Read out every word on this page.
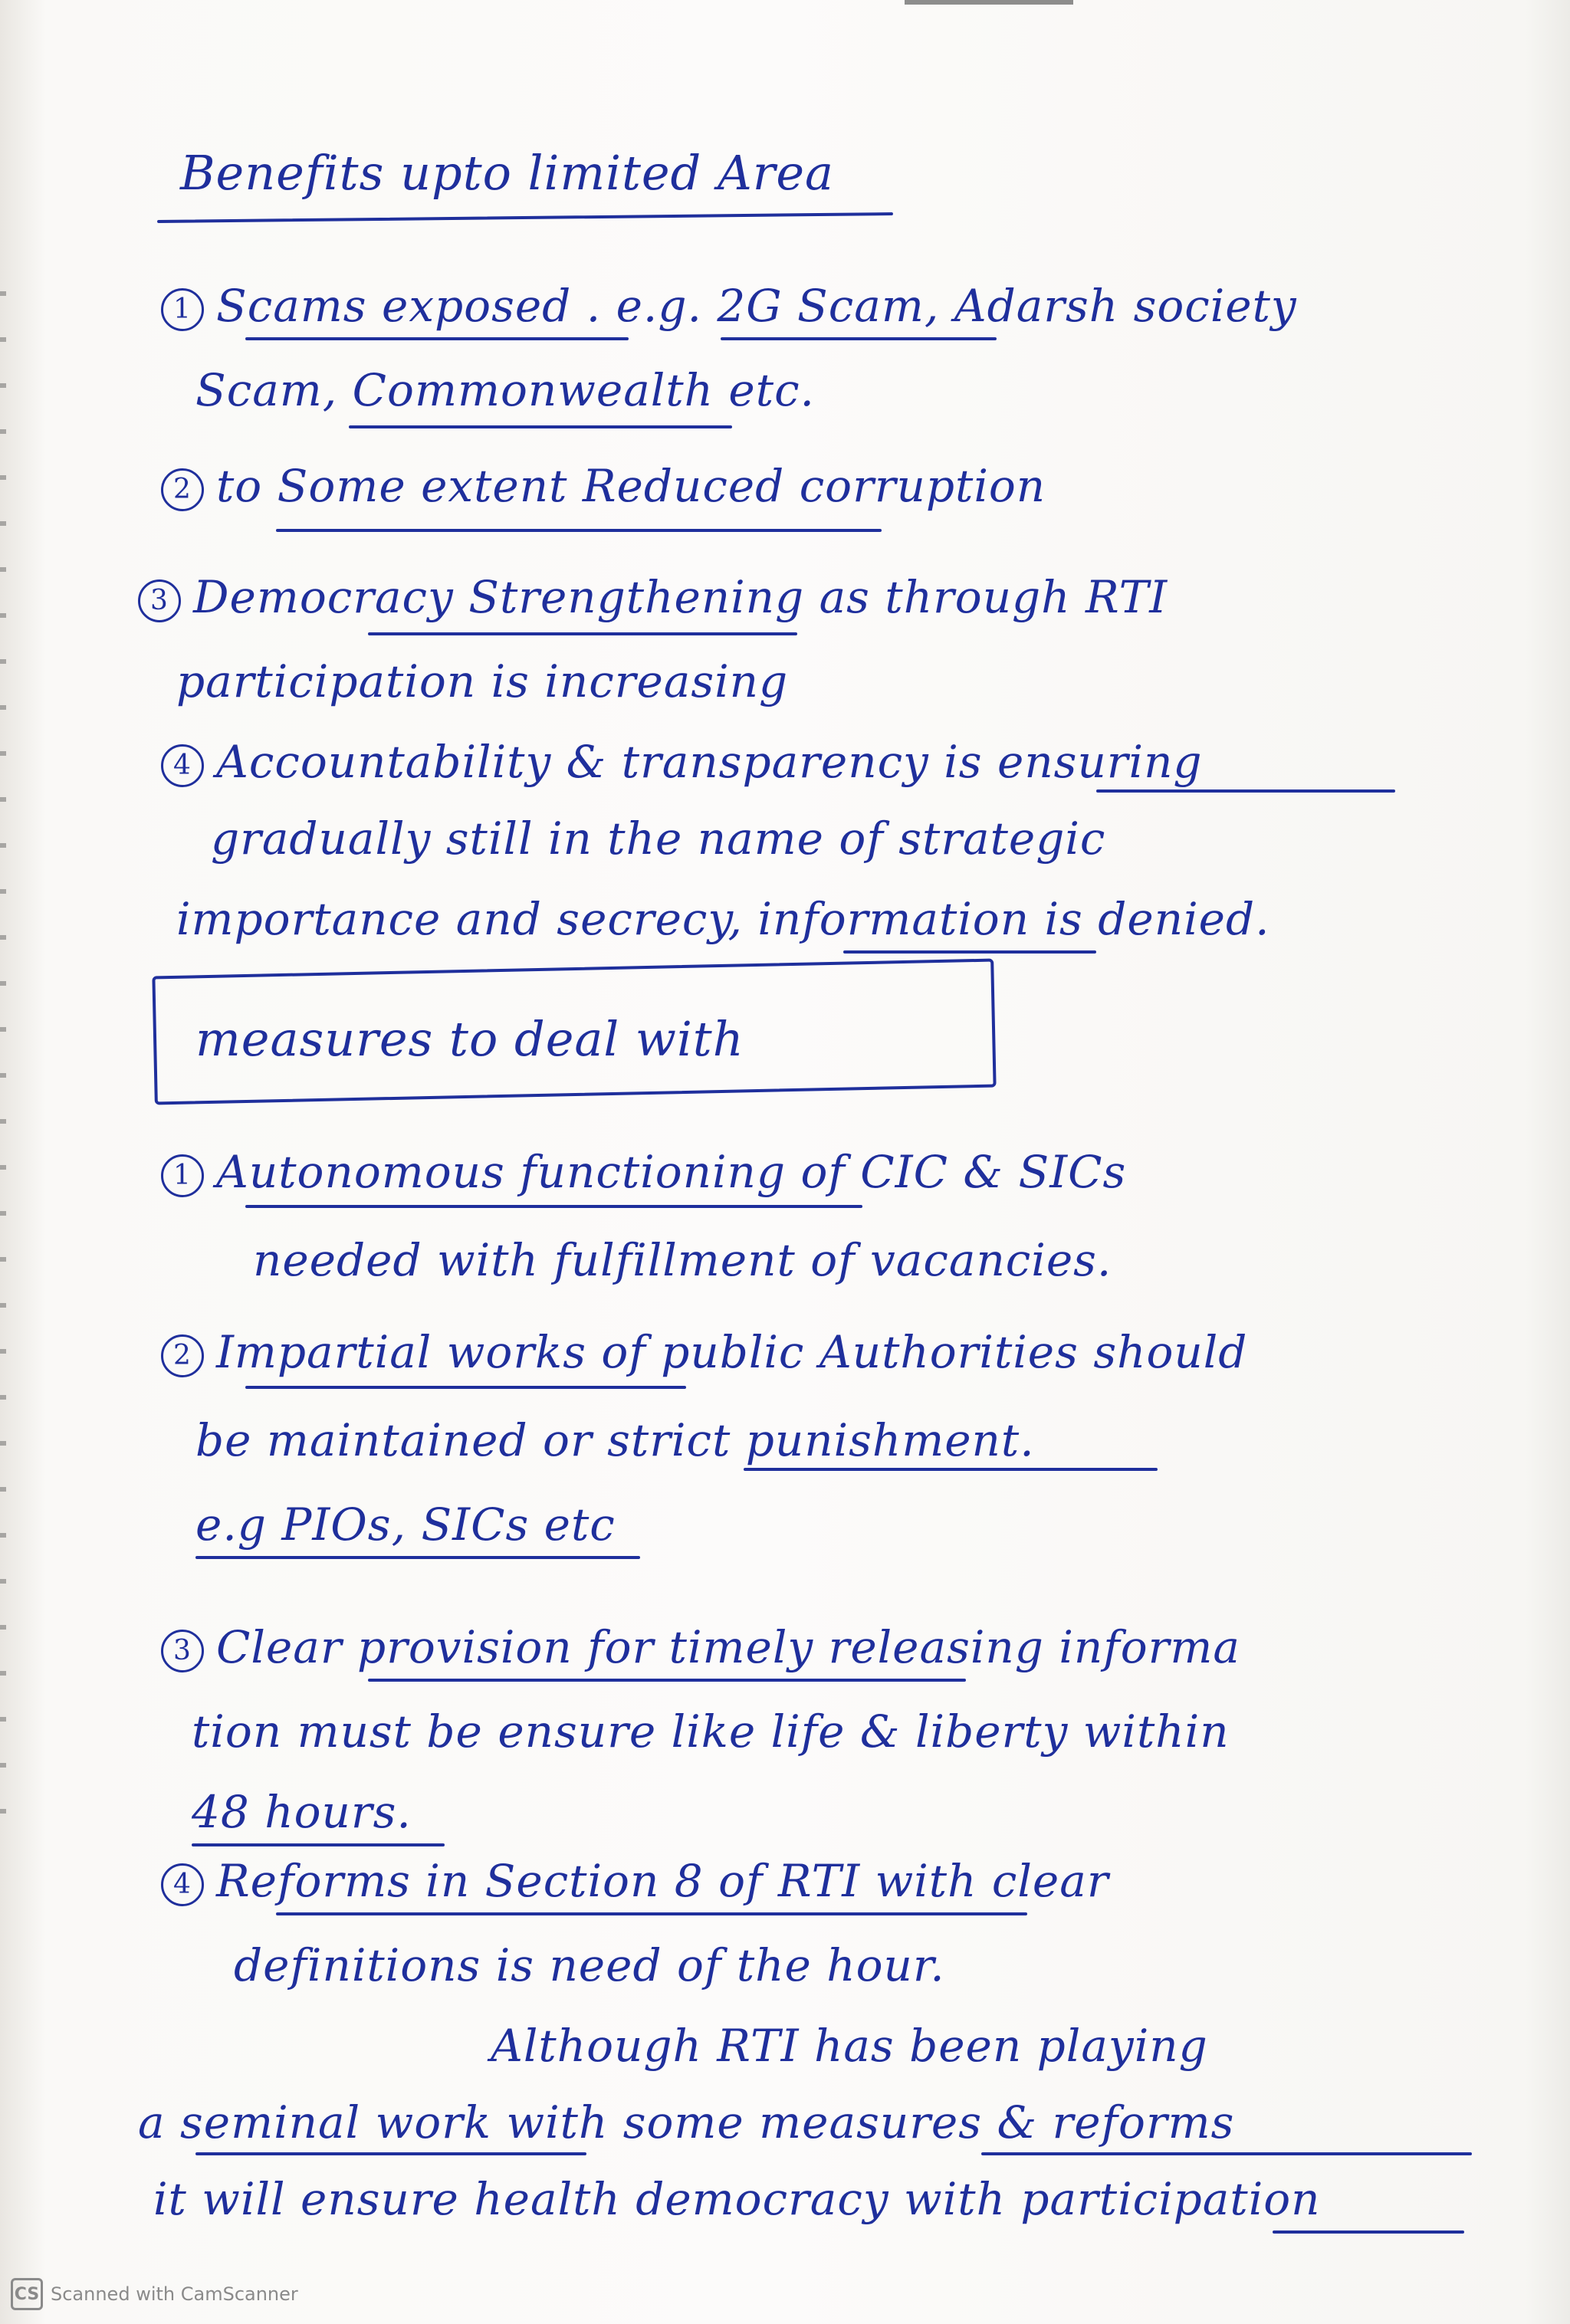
Benefits upto limited Area
1 Scams exposed . e.g. 2G Scam, Adarsh society
Scam, Commonwealth etc.
2 to Some extent Reduced corruption
3 Democracy Strengthening as through RTI
participation is increasing
4 Accountability & transparency is ensuring
gradually still in the name of strategic
importance and secrecy, information is denied.
measures to deal with
1 Autonomous functioning of CIC & SICs
needed with fulfillment of vacancies.
2 Impartial works of public Authorities should
be maintained or strict punishment.
e.g PIOs, SICs etc
3 Clear provision for timely releasing informa
tion must be ensure like life & liberty within
48 hours.
4 Reforms in Section 8 of RTI with clear
definitions is need of the hour.
Although RTI has been playing
a seminal work with some measures & reforms
it will ensure health democracy with participation
CS Scanned with CamScanner
